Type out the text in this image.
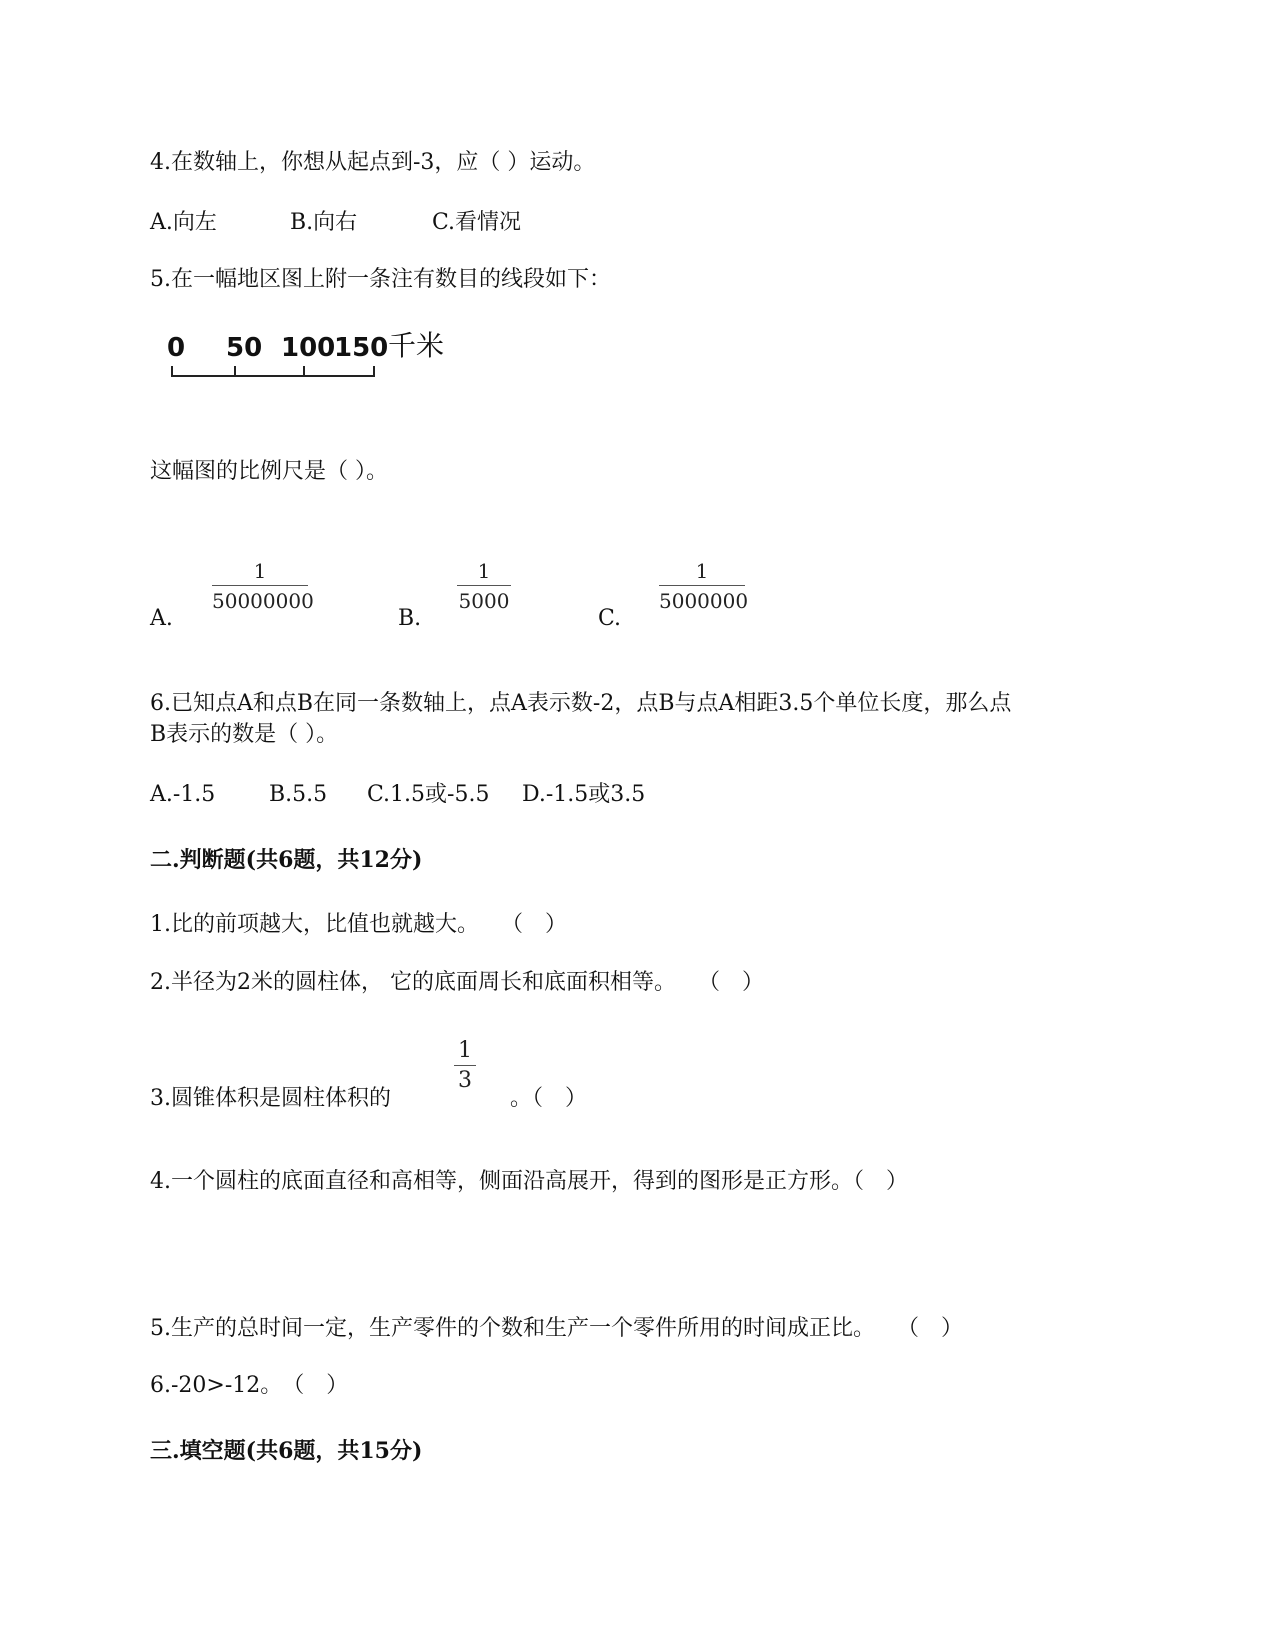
4.在数轴上，你想从起点到-3，应（ ）运动。
A.向左	B.向右	C.看情况
5.在一幅地区图上附一条注有数目的线段如下：
0 50 100
150 千米
这幅图的比例尺是（ ）。
A.
1
50000000
B.
1
5000
C.
1
5000000
6.已知点A和点B在同一条数轴上，点A表示数-2，点B与点A相距3.5个单位长度，那么点
B表示的数是（ ）。
A.-1.5 B.5.5 C.1.5或-5.5 D.-1.5或3.5
二.判断题(共6题，共12分)
1.比的前项越大，比值也就越大。　　（　）
2.半径为2米的圆柱体， 它的底面周长和底面积相等。　　（　）
3.圆锥体积是圆柱体积的
1
3
。（　）
4.一个圆柱的底面直径和高相等，侧面沿高展开，得到的图形是正方形。（　）
5.生产的总时间一定，生产零件的个数和生产一个零件所用的时间成正比。　　（　）
6.-20>-12。　（　）
三.填空题(共6题，共15分)
